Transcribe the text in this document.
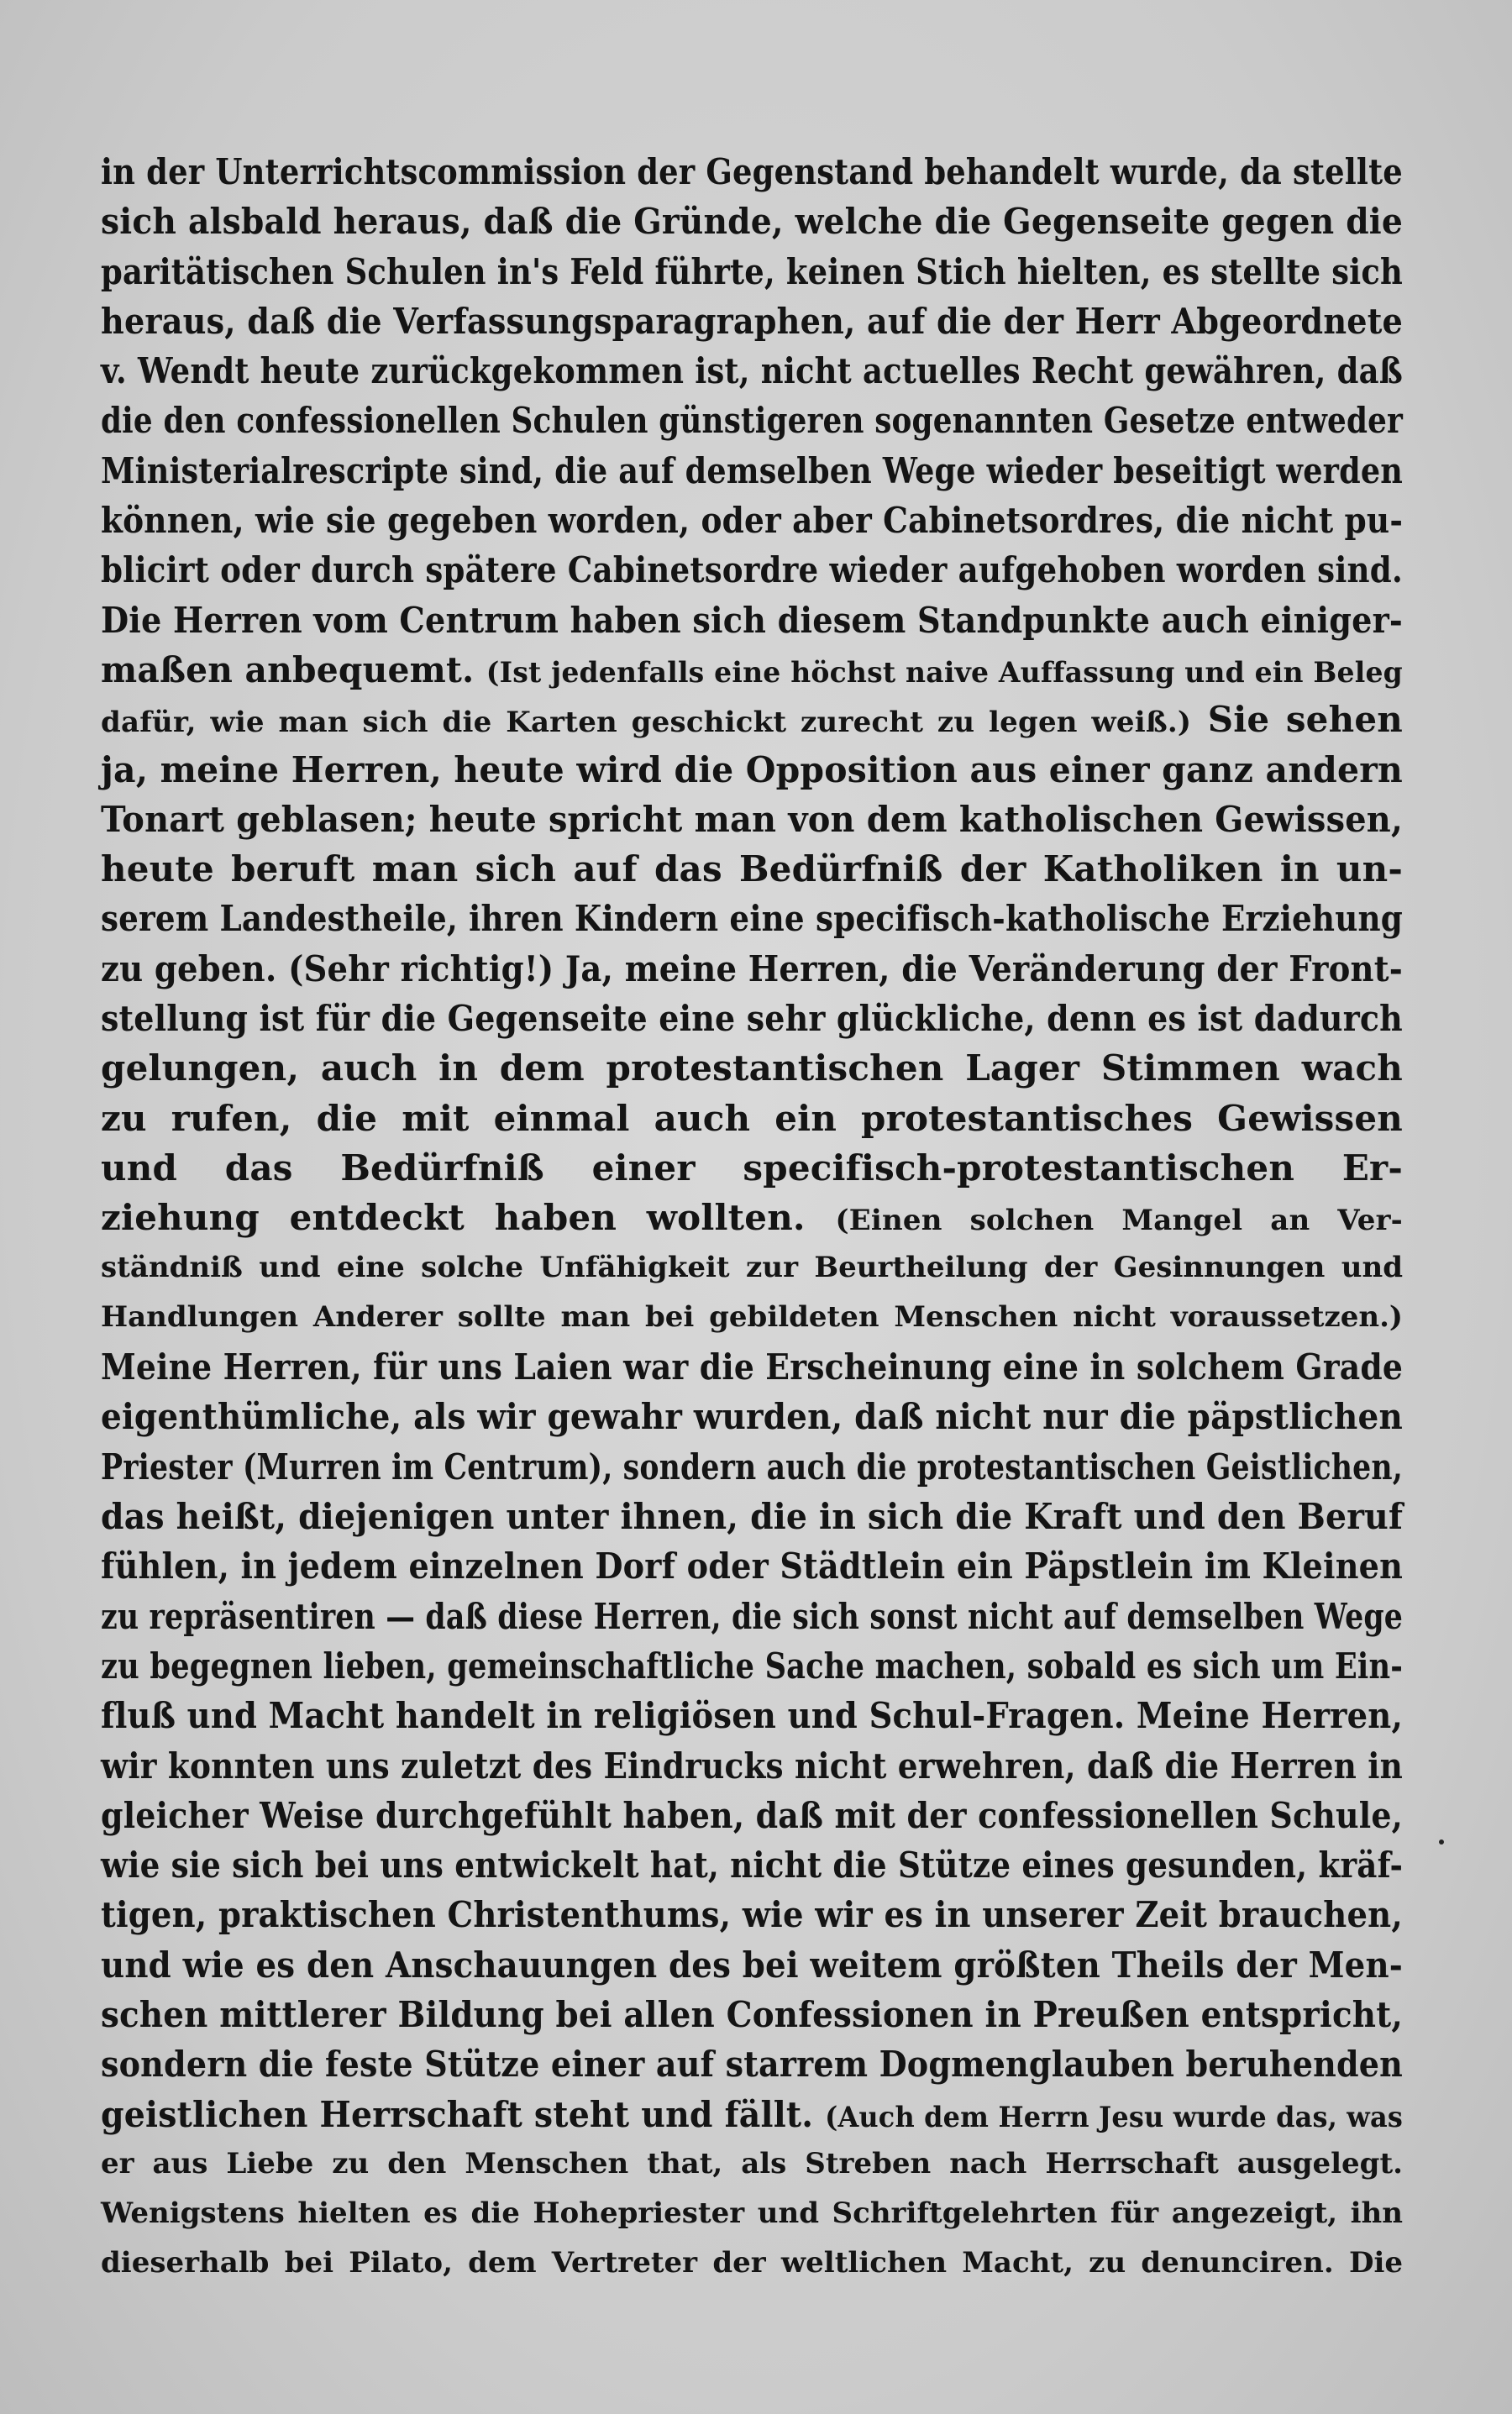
in der Unterrichtscommission der Gegenstand behandelt wurde, da stellte
sich alsbald heraus, daß die Gründe, welche die Gegenseite gegen die
paritätischen Schulen in's Feld führte, keinen Stich hielten, es stellte sich
heraus, daß die Verfassungsparagraphen, auf die der Herr Abgeordnete
v. Wendt heute zurückgekommen ist, nicht actuelles Recht gewähren, daß
die den confessionellen Schulen günstigeren sogenannten Gesetze entweder
Ministerialrescripte sind, die auf demselben Wege wieder beseitigt werden
können, wie sie gegeben worden, oder aber Cabinetsordres, die nicht pu-
blicirt oder durch spätere Cabinetsordre wieder aufgehoben worden sind.
Die Herren vom Centrum haben sich diesem Standpunkte auch einiger-
maßen anbequemt. (Ist jedenfalls eine höchst naive Auffassung und ein Beleg
dafür, wie man sich die Karten geschickt zurecht zu legen weiß.) Sie sehen
ja, meine Herren, heute wird die Opposition aus einer ganz andern
Tonart geblasen; heute spricht man von dem katholischen Gewissen,
heute beruft man sich auf das Bedürfniß der Katholiken in un-
serem Landestheile, ihren Kindern eine specifisch-katholische Erziehung
zu geben. (Sehr richtig!) Ja, meine Herren, die Veränderung der Front-
stellung ist für die Gegenseite eine sehr glückliche, denn es ist dadurch
gelungen, auch in dem protestantischen Lager Stimmen wach
zu rufen, die mit einmal auch ein protestantisches Gewissen
und das Bedürfniß einer specifisch-protestantischen Er-
ziehung entdeckt haben wollten. (Einen solchen Mangel an Ver-
ständniß und eine solche Unfähigkeit zur Beurtheilung der Gesinnungen und
Handlungen Anderer sollte man bei gebildeten Menschen nicht voraussetzen.)
Meine Herren, für uns Laien war die Erscheinung eine in solchem Grade
eigenthümliche, als wir gewahr wurden, daß nicht nur die päpstlichen
Priester (Murren im Centrum), sondern auch die protestantischen Geistlichen,
das heißt, diejenigen unter ihnen, die in sich die Kraft und den Beruf
fühlen, in jedem einzelnen Dorf oder Städtlein ein Päpstlein im Kleinen
zu repräsentiren — daß diese Herren, die sich sonst nicht auf demselben Wege
zu begegnen lieben, gemeinschaftliche Sache machen, sobald es sich um Ein-
fluß und Macht handelt in religiösen und Schul-Fragen. Meine Herren,
wir konnten uns zuletzt des Eindrucks nicht erwehren, daß die Herren in
gleicher Weise durchgefühlt haben, daß mit der confessionellen Schule,
wie sie sich bei uns entwickelt hat, nicht die Stütze eines gesunden, kräf-
tigen, praktischen Christenthums, wie wir es in unserer Zeit brauchen,
und wie es den Anschauungen des bei weitem größten Theils der Men-
schen mittlerer Bildung bei allen Confessionen in Preußen entspricht,
sondern die feste Stütze einer auf starrem Dogmenglauben beruhenden
geistlichen Herrschaft steht und fällt. (Auch dem Herrn Jesu wurde das, was
er aus Liebe zu den Menschen that, als Streben nach Herrschaft ausgelegt.
Wenigstens hielten es die Hohepriester und Schriftgelehrten für angezeigt, ihn
dieserhalb bei Pilato, dem Vertreter der weltlichen Macht, zu denunciren. Die
